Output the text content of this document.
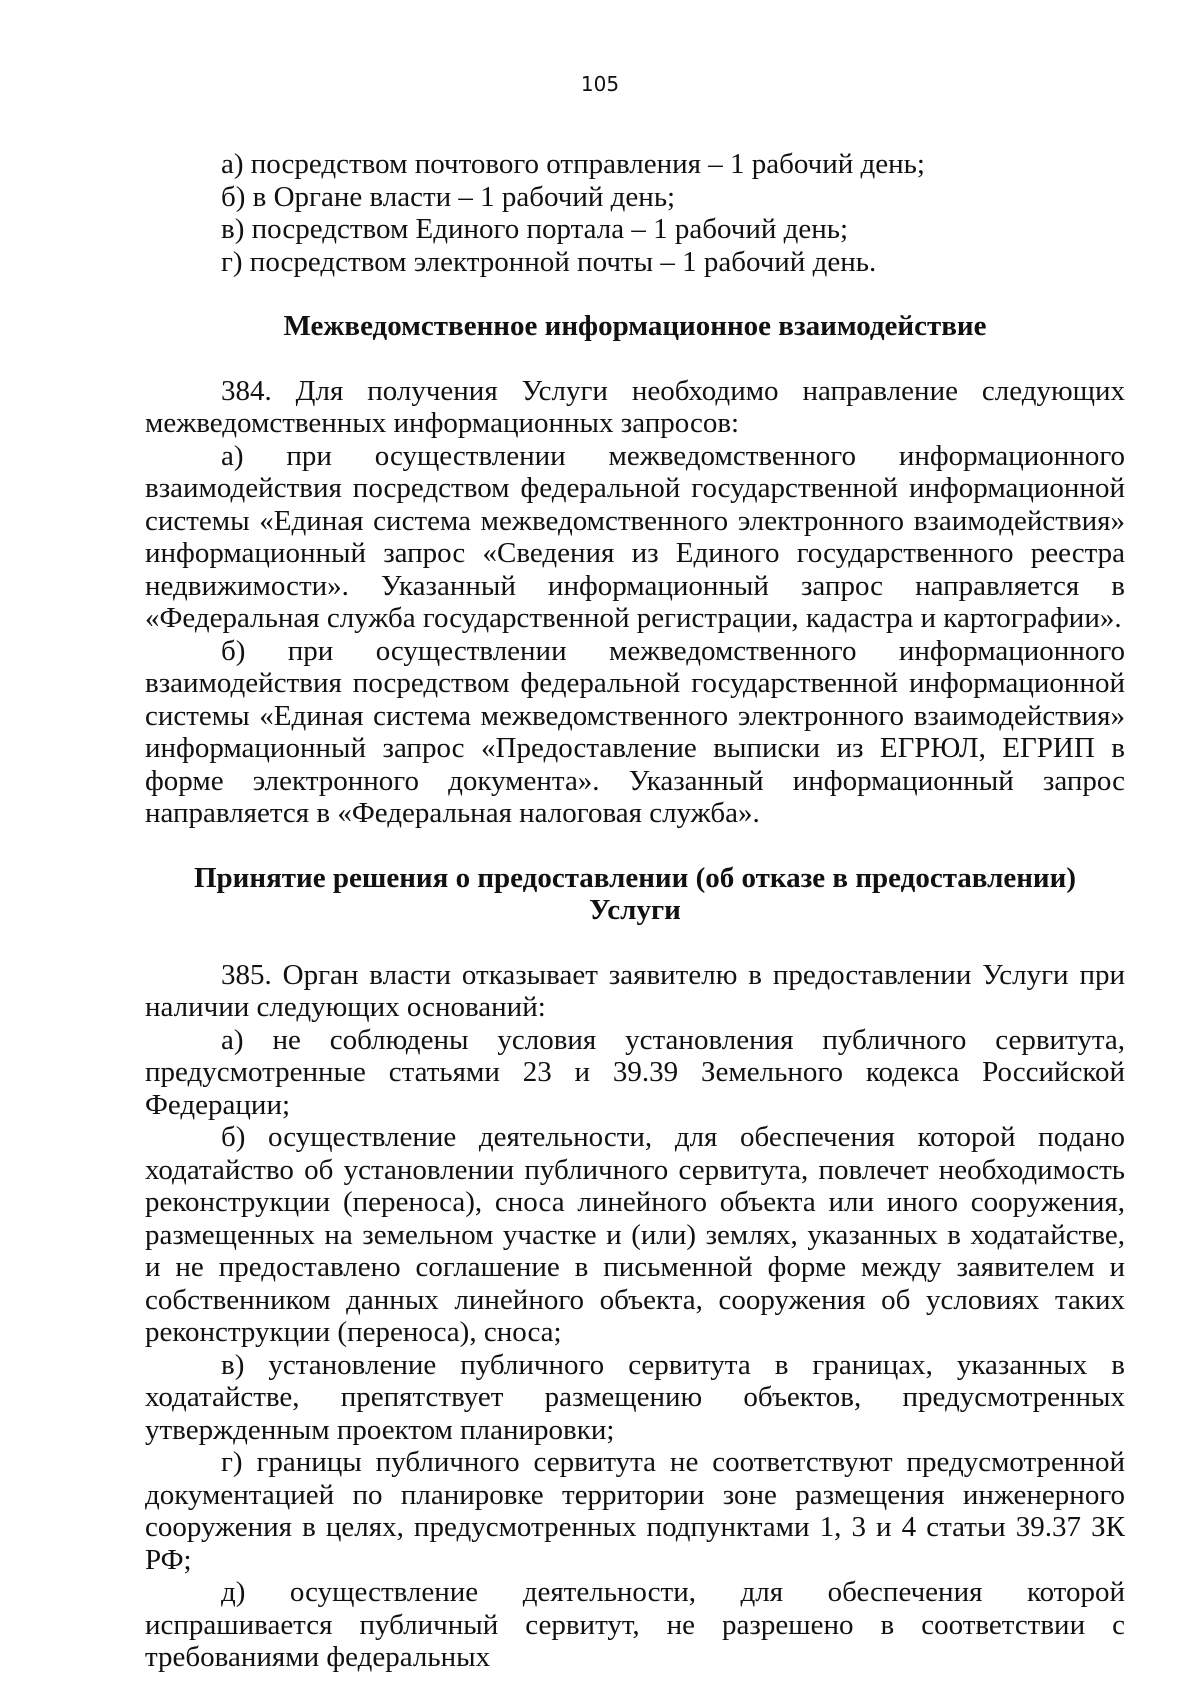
105

а) посредством почтового отправления – 1 рабочий день;

б) в Органе власти – 1 рабочий день;

в) посредством Единого портала – 1 рабочий день;

г) посредством электронной почты – 1 рабочий день.

Межведомственное информационное взаимодействие

384. Для получения Услуги необходимо направление следующих межведомственных информационных запросов:

а) при осуществлении межведомственного информационного взаимодействия посредством федеральной государственной информационной системы «Единая система межведомственного электронного взаимодействия» информационный запрос «Сведения из Единого государственного реестра недвижимости». Указанный информационный запрос направляется в «Федеральная служба государственной регистрации, кадастра и картографии».

б) при осуществлении межведомственного информационного взаимодействия посредством федеральной государственной информационной системы «Единая система межведомственного электронного взаимодействия» информационный запрос «Предоставление выписки из ЕГРЮЛ, ЕГРИП в форме электронного документа». Указанный информационный запрос направляется в «Федеральная налоговая служба».

Принятие решения о предоставлении (об отказе в предоставлении) Услуги

385. Орган власти отказывает заявителю в предоставлении Услуги при наличии следующих оснований:

а) не соблюдены условия установления публичного сервитута, предусмотренные статьями 23 и 39.39 Земельного кодекса Российской Федерации;

б) осуществление деятельности, для обеспечения которой подано ходатайство об установлении публичного сервитута, повлечет необходимость реконструкции (переноса), сноса линейного объекта или иного сооружения, размещенных на земельном участке и (или) землях, указанных в ходатайстве, и не предоставлено соглашение в письменной форме между заявителем и собственником данных линейного объекта, сооружения об условиях таких реконструкции (переноса), сноса;

в) установление публичного сервитута в границах, указанных в ходатайстве, препятствует размещению объектов, предусмотренных утвержденным проектом планировки;

г) границы публичного сервитута не соответствуют предусмотренной документацией по планировке территории зоне размещения инженерного сооружения в целях, предусмотренных подпунктами 1, 3 и 4 статьи 39.37 ЗК РФ;

д) осуществление деятельности, для обеспечения которой испрашивается публичный сервитут, не разрешено в соответствии с требованиями федеральных
